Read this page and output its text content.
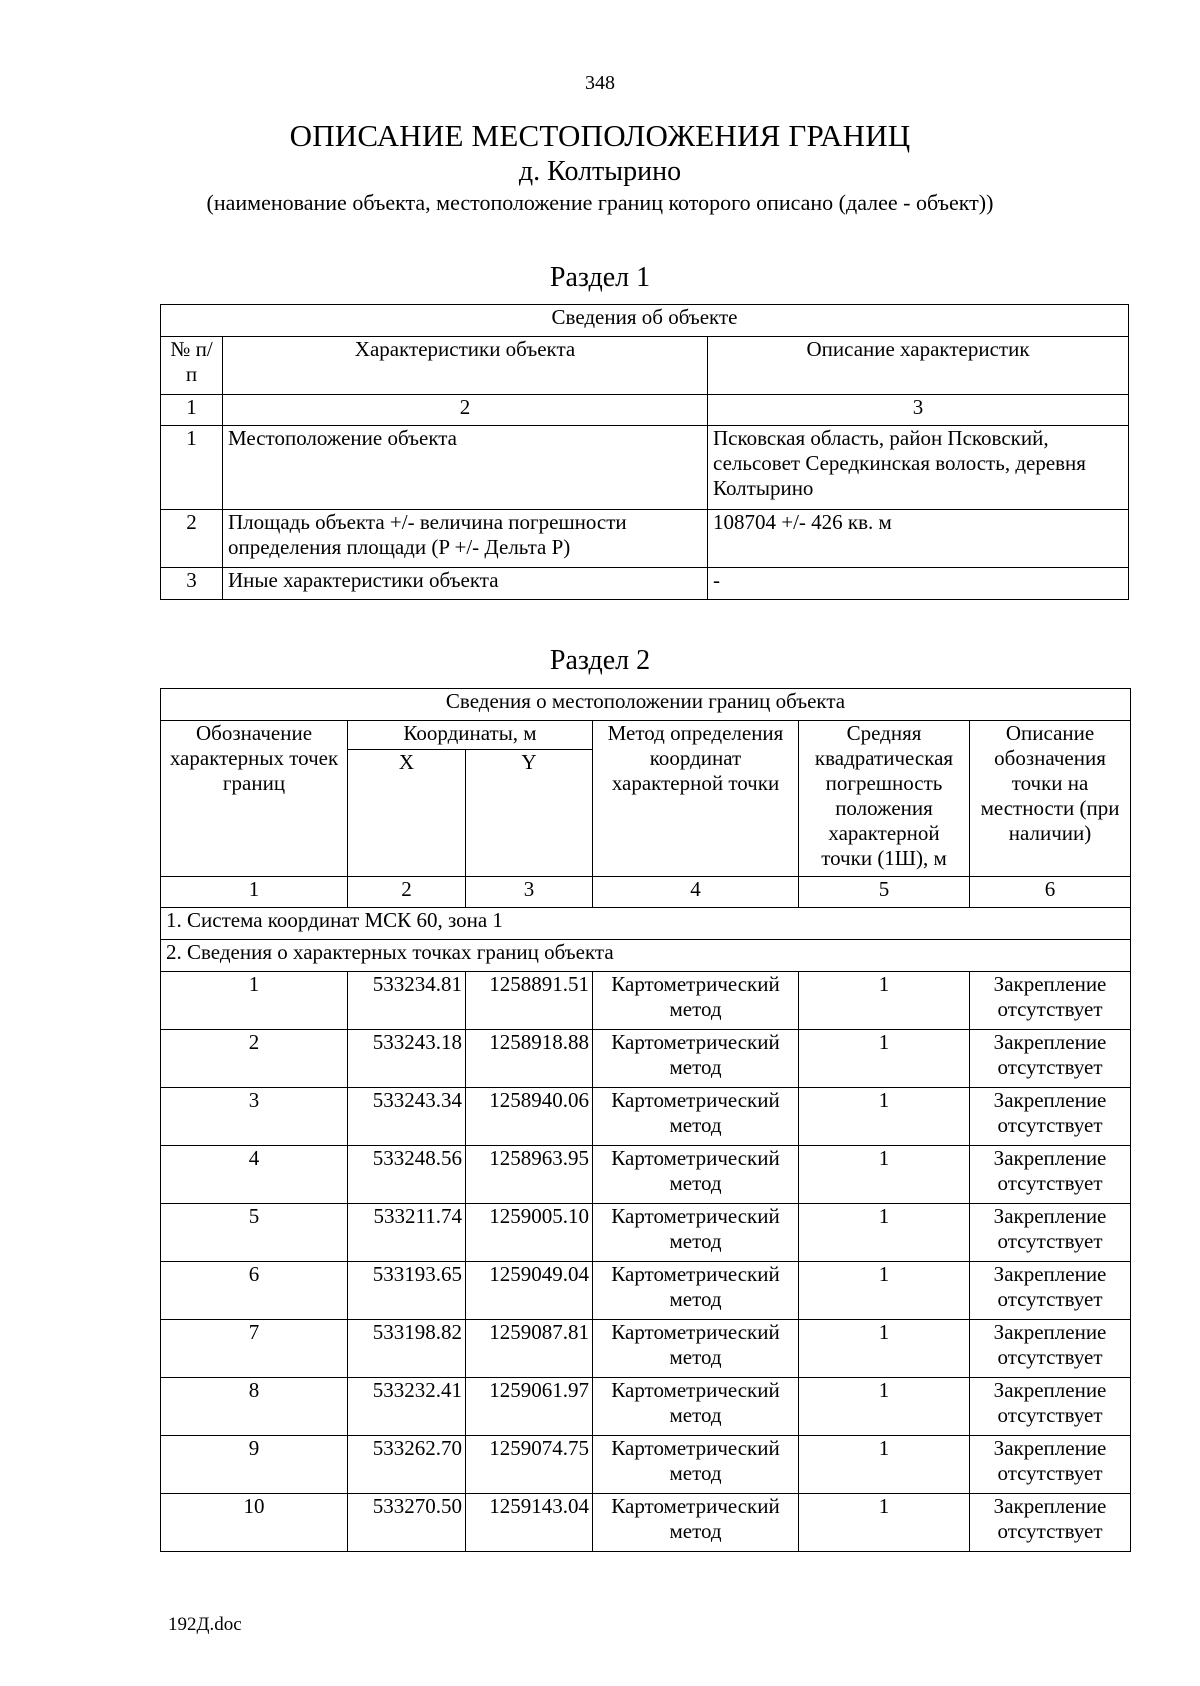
348
ОПИСАНИЕ МЕСТОПОЛОЖЕНИЯ ГРАНИЦ
д. Колтырино
(наименование объекта, местоположение границ которого описано (далее - объект))
Раздел 1
Сведения об объекте		
№ п/п	Характеристики объекта	Описание характеристик
1	2	3
1	Местоположение объекта	Псковская область, район Псковский, сельсовет Середкинская волость, деревня Колтырино
2	Площадь объекта +/- величина погрешности определения площади (P +/- Дельта P)	108704 +/- 426 кв. м
3	Иные характеристики объекта	-
Раздел 2
Сведения о местоположении границ объекта					
Обозначение характерных точек границ	Координаты, м		Метод определения координат характерной точки	Средняя квадратическая погрешность положения характерной точки (1Ш), м	Описание обозначения точки на местности (при наличии)
	X	Y			
1	2	3	4	5	6
1. Система координат МСК 60, зона 1					
2. Сведения о характерных точках границ объекта					
1	533234.81	1258891.51	Картометрический метод	1	Закрепление отсутствует
2	533243.18	1258918.88	Картометрический метод	1	Закрепление отсутствует
3	533243.34	1258940.06	Картометрический метод	1	Закрепление отсутствует
4	533248.56	1258963.95	Картометрический метод	1	Закрепление отсутствует
5	533211.74	1259005.10	Картометрический метод	1	Закрепление отсутствует
6	533193.65	1259049.04	Картометрический метод	1	Закрепление отсутствует
7	533198.82	1259087.81	Картометрический метод	1	Закрепление отсутствует
8	533232.41	1259061.97	Картометрический метод	1	Закрепление отсутствует
9	533262.70	1259074.75	Картометрический метод	1	Закрепление отсутствует
10	533270.50	1259143.04	Картометрический метод	1	Закрепление отсутствует
192Д.doc
